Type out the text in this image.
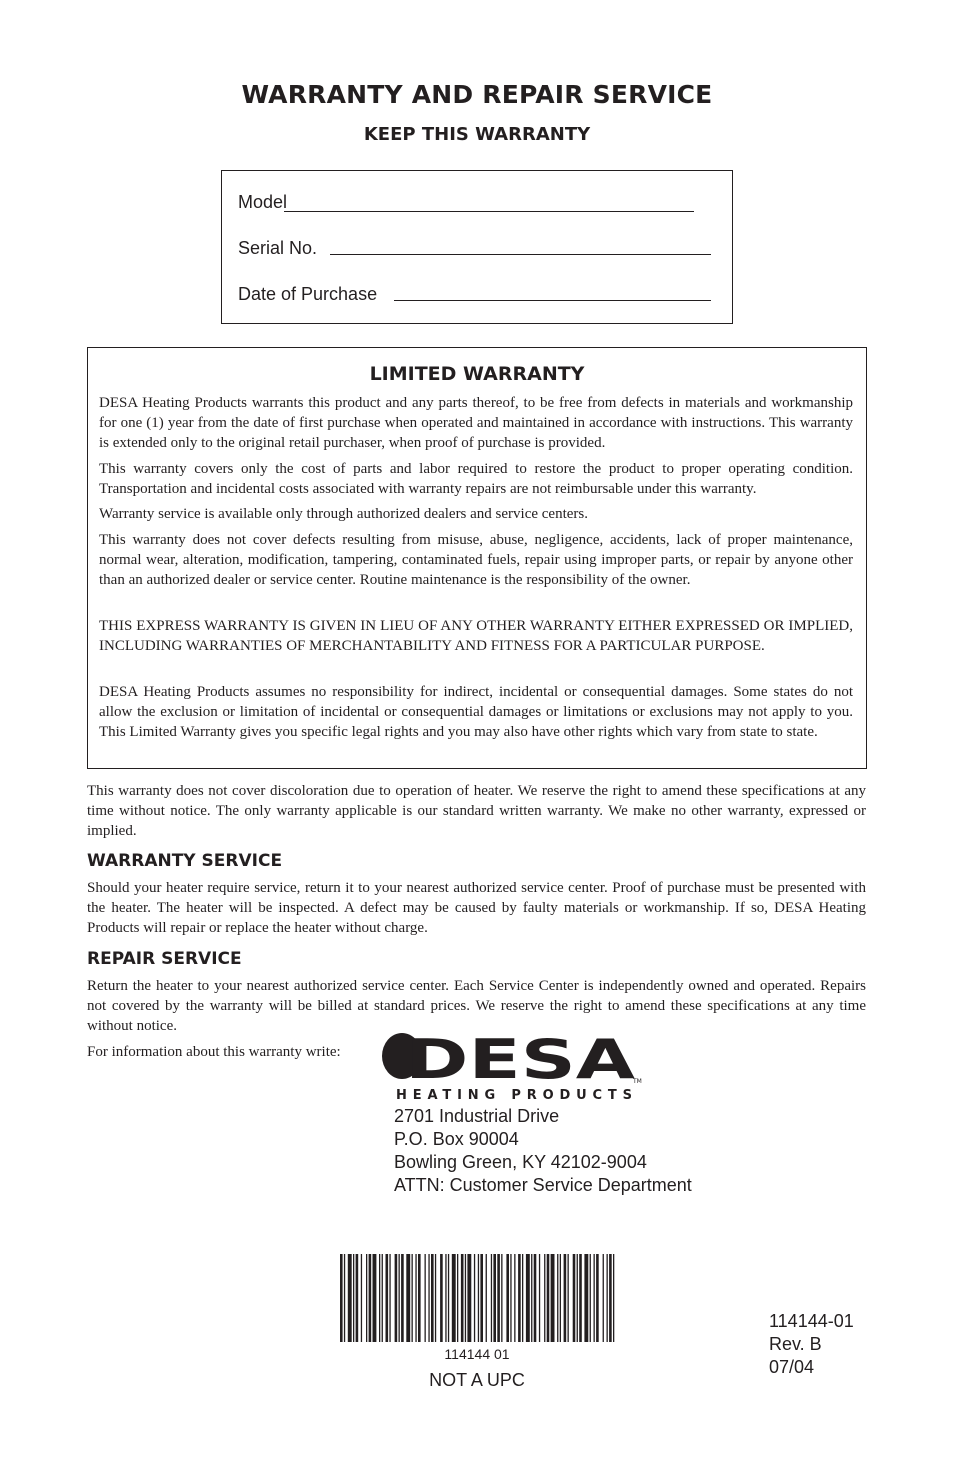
WARRANTY AND REPAIR SERVICE
KEEP THIS WARRANTY
Model
Serial No.
Date of Purchase
LIMITED WARRANTY
DESA Heating Products warrants this product and any parts thereof, to be free from defects in materials and workmanship for one (1) year from the date of first purchase when operated and maintained in accordance with instructions. This warranty is extended only to the original retail purchaser, when proof of purchase is provided.
This warranty covers only the cost of parts and labor required to restore the product to proper operating condition. Transportation and incidental costs associated with warranty repairs are not reimbursable under this warranty.
Warranty service is available only through authorized dealers and service centers.
This warranty does not cover defects resulting from misuse, abuse, negligence, accidents, lack of proper maintenance, normal wear, alteration, modification, tampering, contaminated fuels, repair using improper parts, or repair by anyone other than an authorized dealer or service center. Routine maintenance is the responsibility of the owner.
THIS EXPRESS WARRANTY IS GIVEN IN LIEU OF ANY OTHER WARRANTY EITHER EXPRESSED OR IMPLIED, INCLUDING WARRANTIES OF MERCHANTABILITY AND FITNESS FOR A PARTICULAR PURPOSE.
DESA Heating Products assumes no responsibility for indirect, incidental or consequential damages. Some states do not allow the exclusion or limitation of incidental or consequential damages or limitations or exclusions may not apply to you. This Limited Warranty gives you specific legal rights and you may also have other rights which vary from state to state.
This warranty does not cover discoloration due to operation of heater. We reserve the right to amend these specifications at any time without notice. The only warranty applicable is our standard written warranty. We make no other warranty, expressed or implied.
WARRANTY SERVICE
Should your heater require service, return it to your nearest authorized service center. Proof of purchase must be presented with the heater. The heater will be inspected. A defect may be caused by faulty materials or workmanship. If so, DESA Heating Products will repair or replace the heater without charge.
REPAIR SERVICE
Return the heater to your nearest authorized service center. Each Service Center is independently owned and operated. Repairs not covered by the warranty will be billed at standard prices. We reserve the right to amend these specifications at any time without notice.
For information about this warranty write: DESA
HEATING PRODUCTS
TM
2701 Industrial Drive
P.O. Box 90004
Bowling Green, KY 42102-9004
ATTN: Customer Service Department
114144 01
NOT A UPC
114144-01
Rev. B
07/04
